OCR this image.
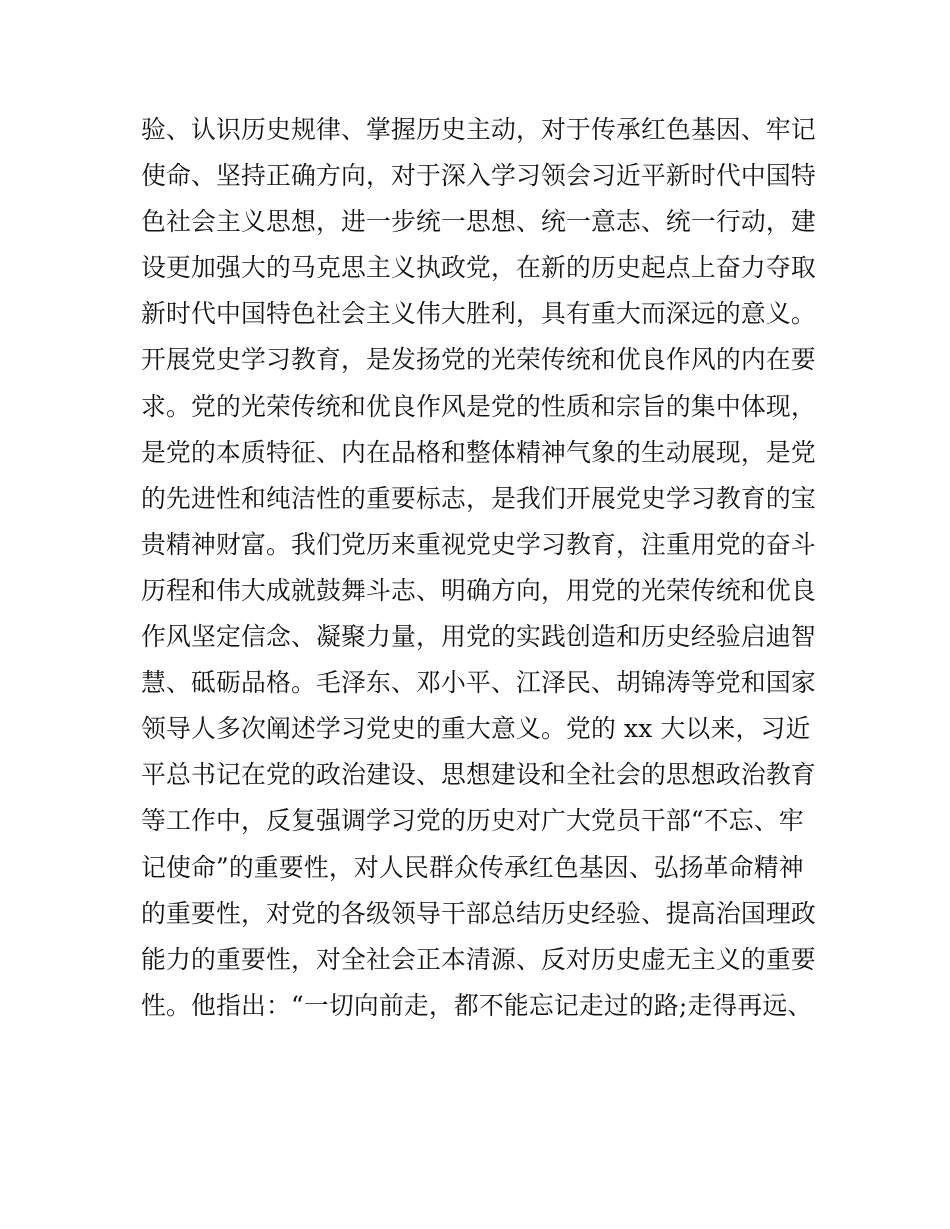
验、认识历史规律、掌握历史主动，对于传承红色基因、牢记
使命、坚持正确方向，对于深入学习领会习近平新时代中国特
色社会主义思想，进一步统一思想、统一意志、统一行动，建
设更加强大的马克思主义执政党，在新的历史起点上奋力夺取
新时代中国特色社会主义伟大胜利，具有重大而深远的意义。
开展党史学习教育，是发扬党的光荣传统和优良作风的内在要
求。党的光荣传统和优良作风是党的性质和宗旨的集中体现，
是党的本质特征、内在品格和整体精神气象的生动展现，是党
的先进性和纯洁性的重要标志，是我们开展党史学习教育的宝
贵精神财富。我们党历来重视党史学习教育，注重用党的奋斗
历程和伟大成就鼓舞斗志、明确方向，用党的光荣传统和优良
作风坚定信念、凝聚力量，用党的实践创造和历史经验启迪智
慧、砥砺品格。毛泽东、邓小平、江泽民、胡锦涛等党和国家
领导人多次阐述学习党史的重大意义。党的 xx 大以来，习近
平总书记在党的政治建设、思想建设和全社会的思想政治教育
等工作中，反复强调学习党的历史对广大党员干部“不忘、牢
记使命”的重要性，对人民群众传承红色基因、弘扬革命精神
的重要性，对党的各级领导干部总结历史经验、提高治国理政
能力的重要性，对全社会正本清源、反对历史虚无主义的重要
性。他指出：“一切向前走，都不能忘记走过的路;走得再远、
